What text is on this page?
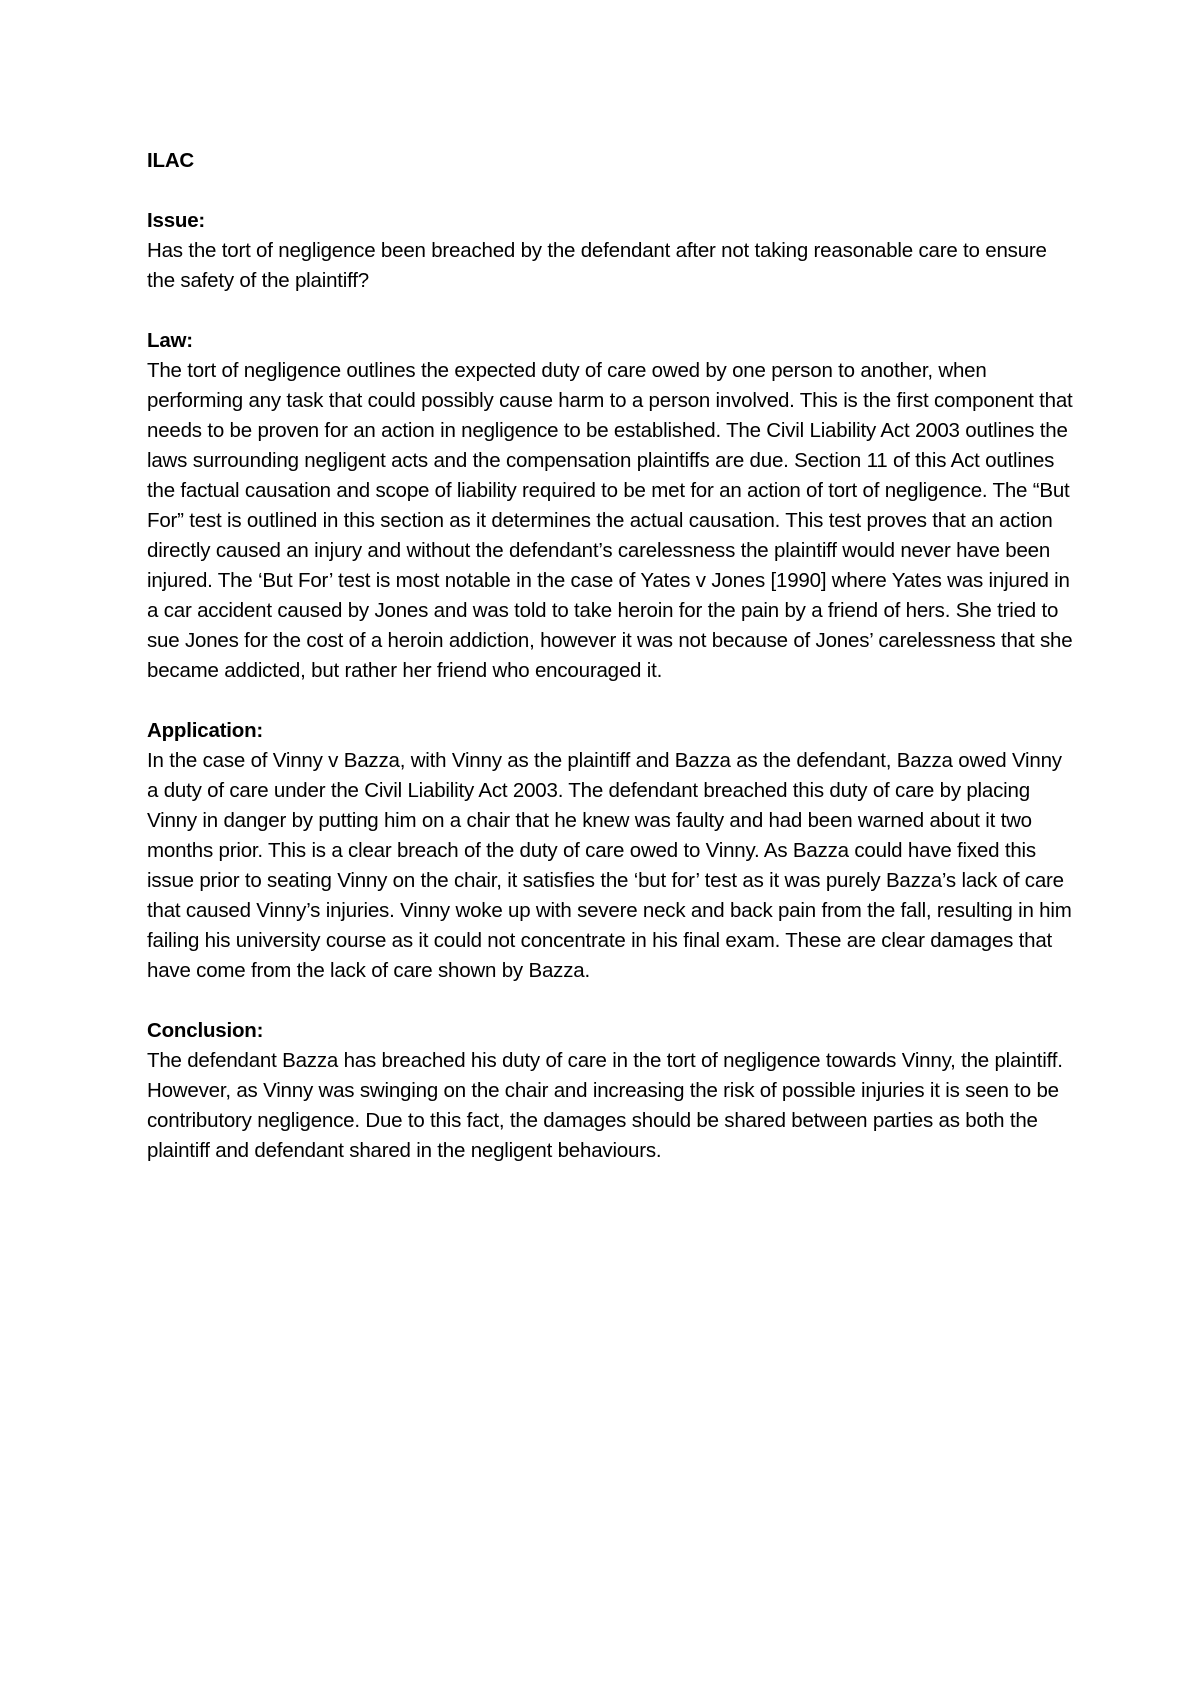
ILAC

Issue:

Has the tort of negligence been breached by the defendant after not taking reasonable care to ensure the safety of the plaintiff?

Law:

The tort of negligence outlines the expected duty of care owed by one person to another, when performing any task that could possibly cause harm to a person involved. This is the first component that needs to be proven for an action in negligence to be established. The Civil Liability Act 2003 outlines the laws surrounding negligent acts and the compensation plaintiffs are due. Section 11 of this Act outlines the factual causation and scope of liability required to be met for an action of tort of negligence. The “But For” test is outlined in this section as it determines the actual causation. This test proves that an action directly caused an injury and without the defendant’s carelessness the plaintiff would never have been injured. The ‘But For’ test is most notable in the case of Yates v Jones [1990] where Yates was injured in a car accident caused by Jones and was told to take heroin for the pain by a friend of hers. She tried to sue Jones for the cost of a heroin addiction, however it was not because of Jones’ carelessness that she became addicted, but rather her friend who encouraged it.

Application:

In the case of Vinny v Bazza, with Vinny as the plaintiff and Bazza as the defendant, Bazza owed Vinny a duty of care under the Civil Liability Act 2003. The defendant breached this duty of care by placing Vinny in danger by putting him on a chair that he knew was faulty and had been warned about it two months prior. This is a clear breach of the duty of care owed to Vinny. As Bazza could have fixed this issue prior to seating Vinny on the chair, it satisfies the ‘but for’ test as it was purely Bazza’s lack of care that caused Vinny’s injuries. Vinny woke up with severe neck and back pain from the fall, resulting in him failing his university course as it could not concentrate in his final exam. These are clear damages that have come from the lack of care shown by Bazza.

Conclusion:

The defendant Bazza has breached his duty of care in the tort of negligence towards Vinny, the plaintiff. However, as Vinny was swinging on the chair and increasing the risk of possible injuries it is seen to be contributory negligence. Due to this fact, the damages should be shared between parties as both the plaintiff and defendant shared in the negligent behaviours.
